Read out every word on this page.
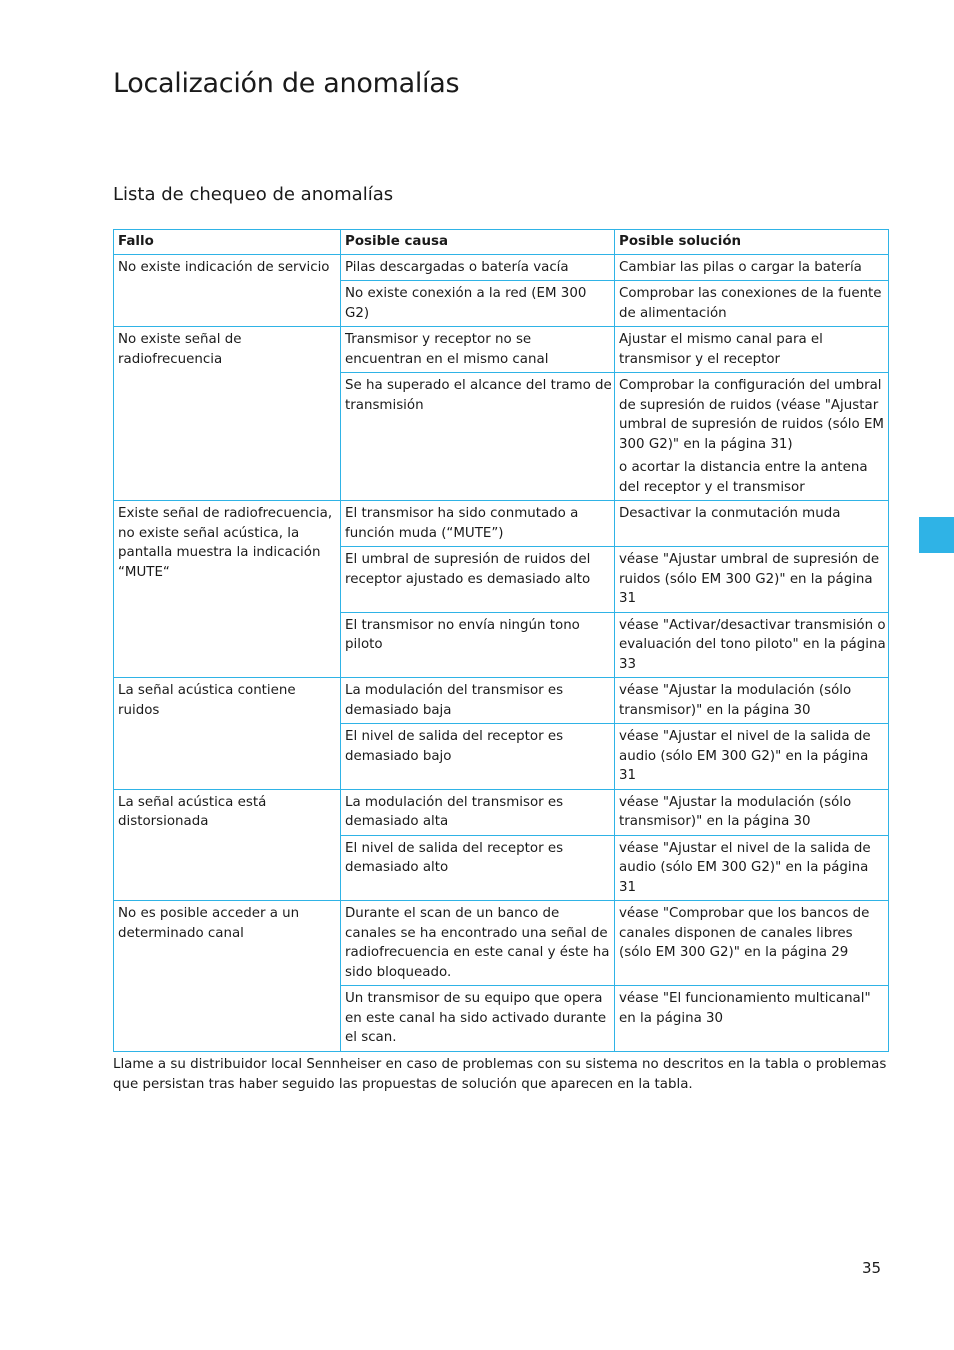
Localización de anomalías
Lista de chequeo de anomalías
Fallo	Posible causa	Posible solución
No existe indicación de servicio	Pilas descargadas o batería vacía	Cambiar las pilas o cargar la batería

	No existe conexión a la red (EM 300 G2)	Comprobar las conexiones de la fuente de alimentación

No existe señal de radiofrecuencia	Transmisor y receptor no se encuentran en el mismo canal	Ajustar el mismo canal para el transmisor y el receptor

	Se ha superado el alcance del tramo de transmisión	Comprobar la configuración del umbral de supresión de ruidos (véase "Ajustar umbral de supresión de ruidos (sólo EM 300 G2)" en la página 31)

o acortar la distancia entre la antena del receptor y el transmisor

Existe señal de radiofrecuencia, no existe señal acústica, la pantalla muestra la indicación “MUTE“	El transmisor ha sido conmutado a función muda (“MUTE”)	Desactivar la conmutación muda

	El umbral de supresión de ruidos del receptor ajustado es demasiado alto	véase "Ajustar umbral de supresión de ruidos (sólo EM 300 G2)" en la página 31

	El transmisor no envía ningún tono piloto	véase "Activar/desactivar transmisión o evaluación del tono piloto" en la página 33

La señal acústica contiene ruidos	La modulación del transmisor es demasiado baja	véase "Ajustar la modulación (sólo transmisor)" en la página 30

	El nivel de salida del receptor es demasiado bajo	véase "Ajustar el nivel de la salida de audio (sólo EM 300 G2)" en la página 31

La señal acústica está distorsionada	La modulación del transmisor es demasiado alta	véase "Ajustar la modulación (sólo transmisor)" en la página 30

	El nivel de salida del receptor es demasiado alto	véase "Ajustar el nivel de la salida de audio (sólo EM 300 G2)" en la página 31

No es posible acceder a un determinado canal	Durante el scan de un banco de canales se ha encontrado una señal de radiofrecuencia en este canal y éste ha sido bloqueado.	véase "Comprobar que los bancos de canales disponen de canales libres (sólo EM 300 G2)" en la página 29

	Un transmisor de su equipo que opera en este canal ha sido activado durante el scan.	véase "El funcionamiento multicanal" en la página 30

Llame a su distribuidor local Sennheiser en caso de problemas con su sistema no descritos en la tabla o problemas que persistan tras haber seguido las propuestas de solución que aparecen en la tabla.

35
